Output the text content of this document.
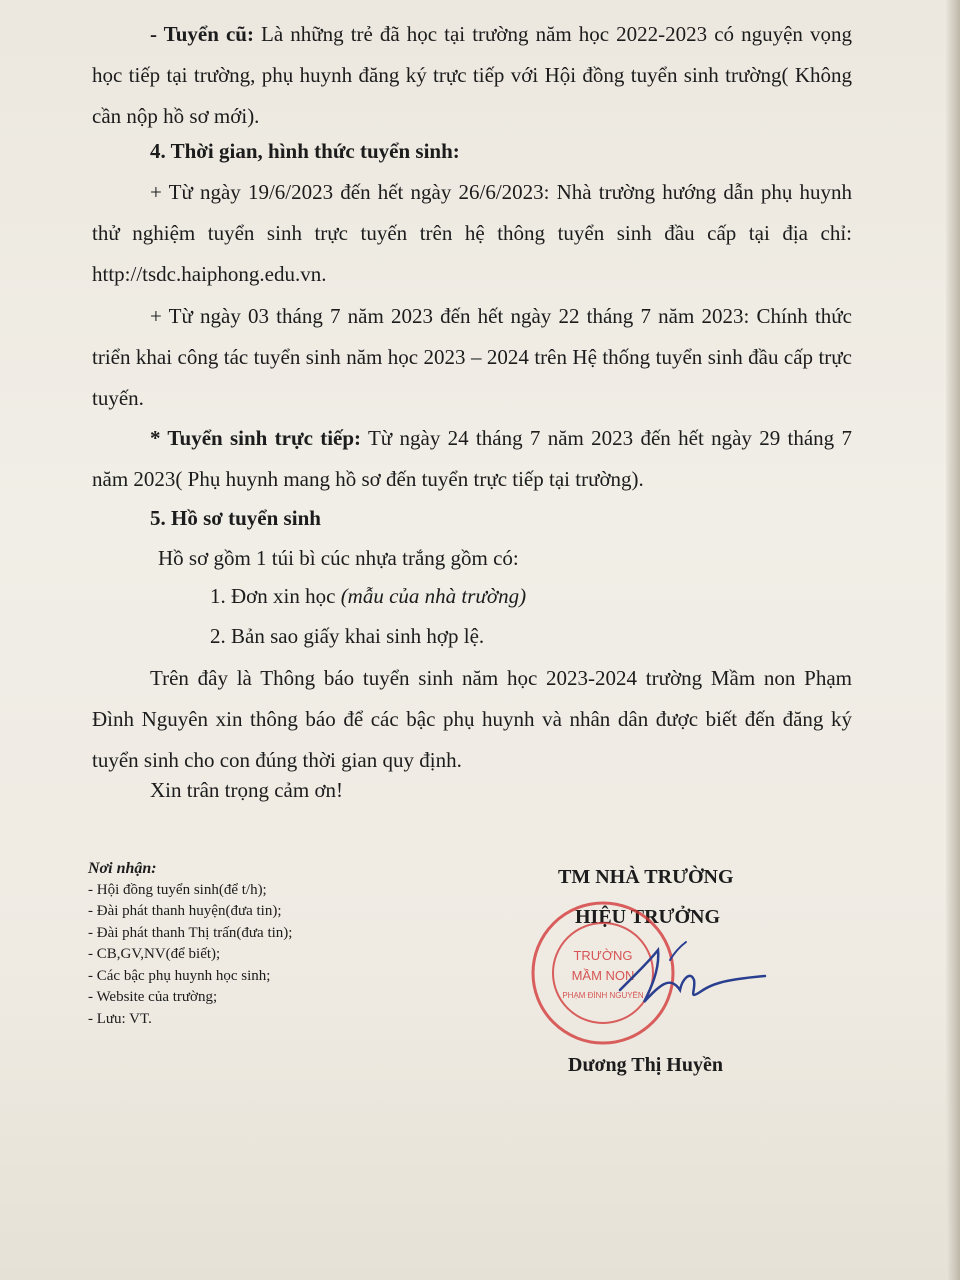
- Tuyển cũ: Là những trẻ đã học tại trường năm học 2022-2023 có nguyện vọng học tiếp tại trường, phụ huynh đăng ký trực tiếp với Hội đồng tuyển sinh trường( Không cần nộp hồ sơ mới).
4. Thời gian, hình thức tuyển sinh:
+ Từ ngày 19/6/2023 đến hết ngày 26/6/2023: Nhà trường hướng dẫn phụ huynh thử nghiệm tuyển sinh trực tuyến trên hệ thông tuyển sinh đầu cấp tại địa chỉ: http://tsdc.haiphong.edu.vn.
+ Từ ngày 03 tháng 7 năm 2023 đến hết ngày 22 tháng 7 năm 2023: Chính thức triển khai công tác tuyển sinh năm học 2023 – 2024 trên Hệ thống tuyển sinh đầu cấp trực tuyến.
* Tuyển sinh trực tiếp: Từ ngày 24 tháng 7 năm 2023 đến hết ngày 29 tháng 7 năm 2023( Phụ huynh mang hồ sơ đến tuyển trực tiếp tại trường).
5. Hồ sơ tuyển sinh
Hồ sơ gồm 1 túi bì cúc nhựa trắng gồm có:
1. Đơn xin học (mẫu của nhà trường)
2. Bản sao giấy khai sinh hợp lệ.
Trên đây là Thông báo tuyển sinh năm học 2023-2024 trường Mầm non Phạm Đình Nguyên xin thông báo để các bậc phụ huynh và nhân dân được biết đến đăng ký tuyển sinh cho con đúng thời gian quy định.
Xin trân trọng cảm ơn!
Nơi nhận:
- Hội đồng tuyển sinh(để t/h);
- Đài phát thanh huyện(đưa tin);
- Đài phát thanh Thị trấn(đưa tin);
- CB,GV,NV(để biết);
- Các bậc phụ huynh học sinh;
- Website của trường;
- Lưu: VT.
TM NHÀ TRƯỜNG
HIỆU TRƯỞNG
TRƯỜNG
MẦM NON
PHẠM ĐÌNH NGUYÊN
Dương Thị Huyền
